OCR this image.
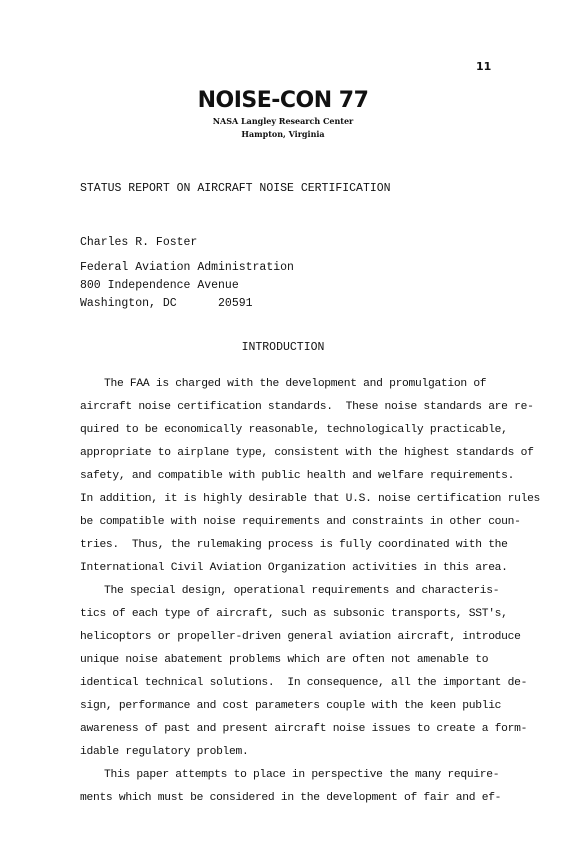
11
NOISE-CON 77
NASA Langley Research Center
Hampton, Virginia
STATUS REPORT ON AIRCRAFT NOISE CERTIFICATION
Charles R. Foster
Federal Aviation Administration
800 Independence Avenue
Washington, DC      20591
INTRODUCTION
The FAA is charged with the development and promulgation of
aircraft noise certification standards.  These noise standards are re-
quired to be economically reasonable, technologically practicable,
appropriate to airplane type, consistent with the highest standards of
safety, and compatible with public health and welfare requirements.
In addition, it is highly desirable that U.S. noise certification rules
be compatible with noise requirements and constraints in other coun-
tries.  Thus, the rulemaking process is fully coordinated with the
International Civil Aviation Organization activities in this area.
The special design, operational requirements and characteris-
tics of each type of aircraft, such as subsonic transports, SST's,
helicoptors or propeller-driven general aviation aircraft, introduce
unique noise abatement problems which are often not amenable to
identical technical solutions.  In consequence, all the important de-
sign, performance and cost parameters couple with the keen public
awareness of past and present aircraft noise issues to create a form-
idable regulatory problem.
This paper attempts to place in perspective the many require-
ments which must be considered in the development of fair and ef-
